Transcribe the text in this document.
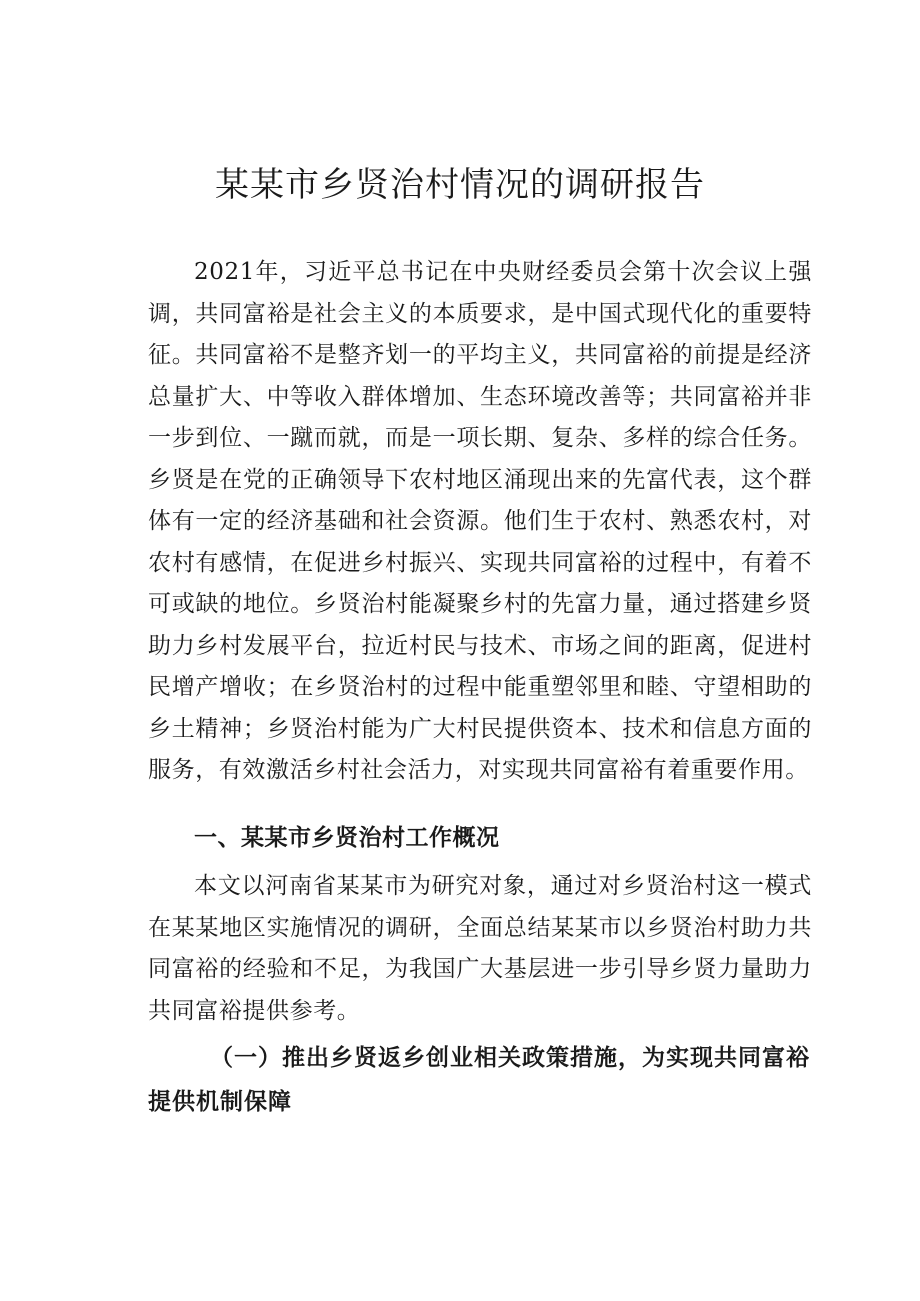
某某市乡贤治村情况的调研报告

2021年，习近平总书记在中央财经委员会第十次会议上强调，共同富裕是社会主义的本质要求，是中国式现代化的重要特征。共同富裕不是整齐划一的平均主义，共同富裕的前提是经济总量扩大、中等收入群体增加、生态环境改善等；共同富裕并非一步到位、一蹴而就，而是一项长期、复杂、多样的综合任务。乡贤是在党的正确领导下农村地区涌现出来的先富代表，这个群体有一定的经济基础和社会资源。他们生于农村、熟悉农村，对农村有感情，在促进乡村振兴、实现共同富裕的过程中，有着不可或缺的地位。乡贤治村能凝聚乡村的先富力量，通过搭建乡贤助力乡村发展平台，拉近村民与技术、市场之间的距离，促进村民增产增收；在乡贤治村的过程中能重塑邻里和睦、守望相助的乡土精神；乡贤治村能为广大村民提供资本、技术和信息方面的服务，有效激活乡村社会活力，对实现共同富裕有着重要作用。

一、某某市乡贤治村工作概况

本文以河南省某某市为研究对象，通过对乡贤治村这一模式在某某地区实施情况的调研，全面总结某某市以乡贤治村助力共同富裕的经验和不足，为我国广大基层进一步引导乡贤力量助力共同富裕提供参考。

（一）推出乡贤返乡创业相关政策措施，为实现共同富裕提供机制保障
